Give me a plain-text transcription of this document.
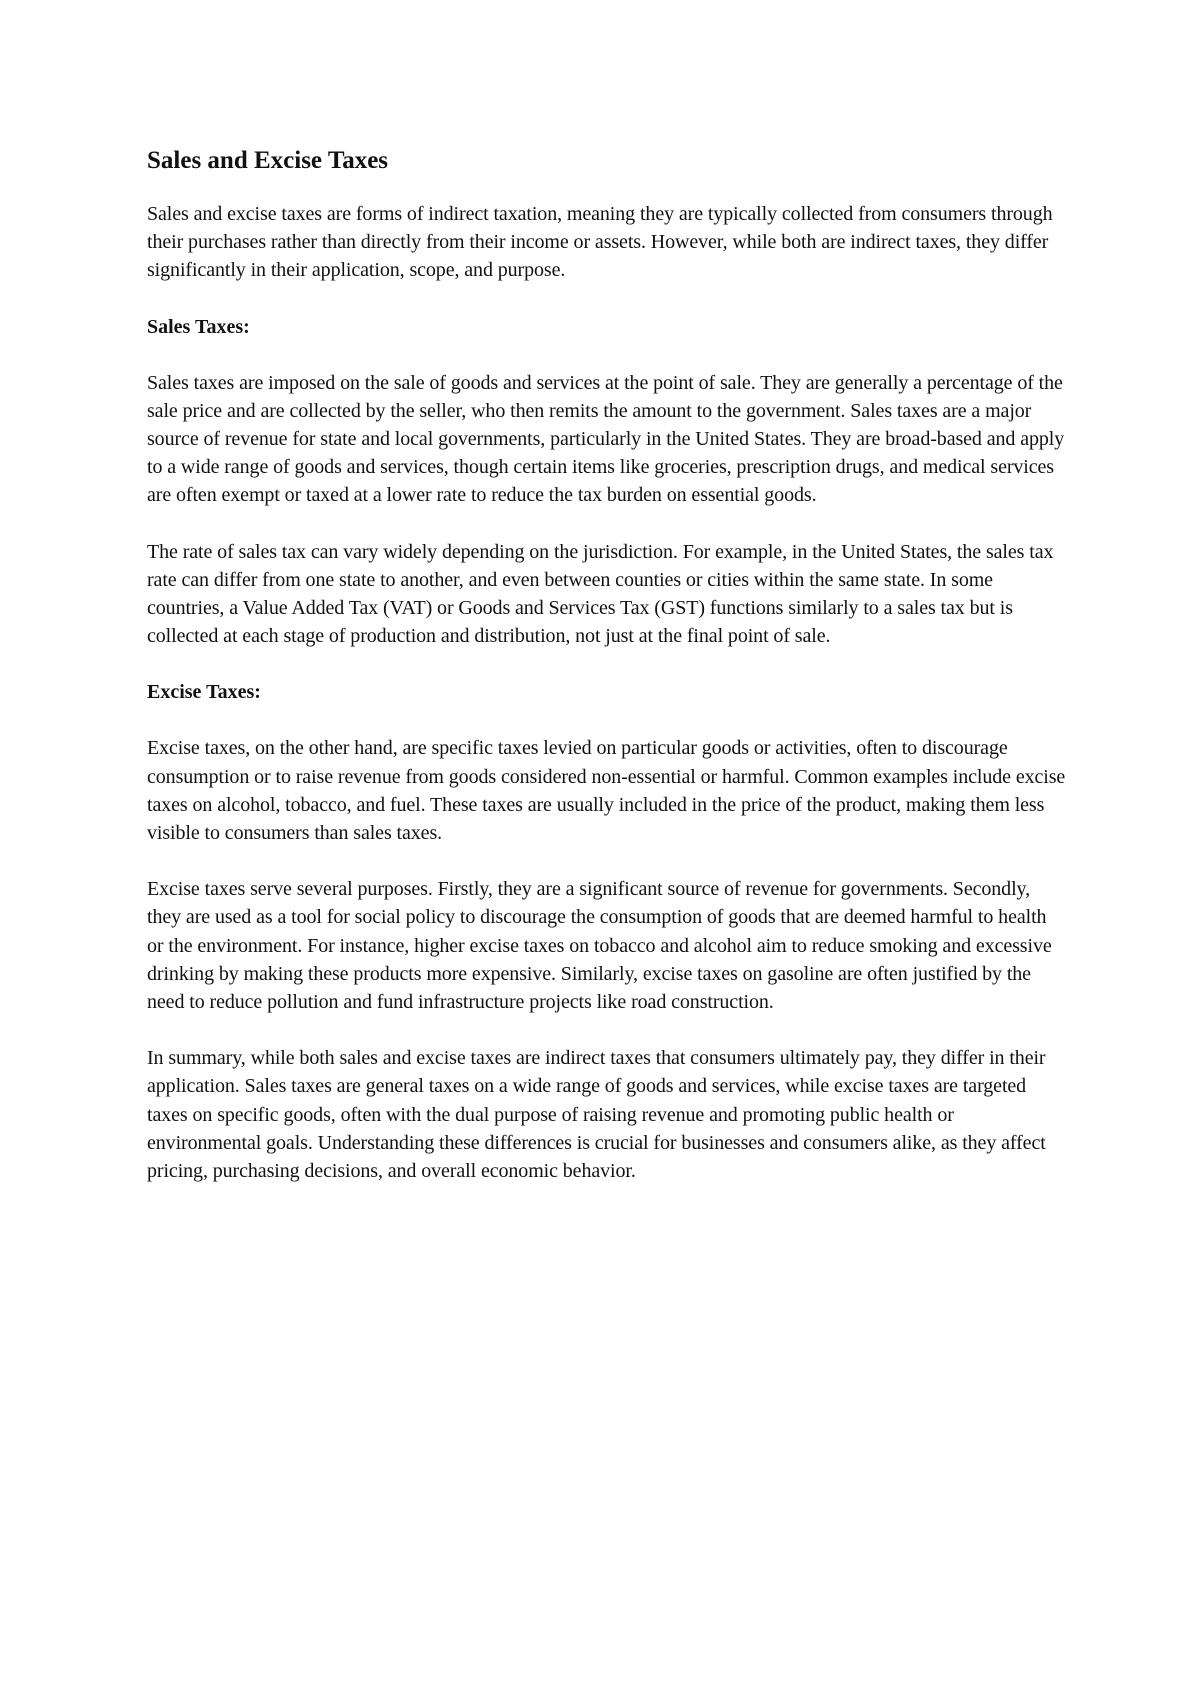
Sales and Excise Taxes

Sales and excise taxes are forms of indirect taxation, meaning they are typically collected from consumers through their purchases rather than directly from their income or assets. However, while both are indirect taxes, they differ significantly in their application, scope, and purpose.

Sales Taxes:

Sales taxes are imposed on the sale of goods and services at the point of sale. They are generally a percentage of the sale price and are collected by the seller, who then remits the amount to the government. Sales taxes are a major source of revenue for state and local governments, particularly in the United States. They are broad-based and apply to a wide range of goods and services, though certain items like groceries, prescription drugs, and medical services are often exempt or taxed at a lower rate to reduce the tax burden on essential goods.

The rate of sales tax can vary widely depending on the jurisdiction. For example, in the United States, the sales tax rate can differ from one state to another, and even between counties or cities within the same state. In some countries, a Value Added Tax (VAT) or Goods and Services Tax (GST) functions similarly to a sales tax but is collected at each stage of production and distribution, not just at the final point of sale.

Excise Taxes:

Excise taxes, on the other hand, are specific taxes levied on particular goods or activities, often to discourage consumption or to raise revenue from goods considered non-essential or harmful. Common examples include excise taxes on alcohol, tobacco, and fuel. These taxes are usually included in the price of the product, making them less visible to consumers than sales taxes.

Excise taxes serve several purposes. Firstly, they are a significant source of revenue for governments. Secondly, they are used as a tool for social policy to discourage the consumption of goods that are deemed harmful to health or the environment. For instance, higher excise taxes on tobacco and alcohol aim to reduce smoking and excessive drinking by making these products more expensive. Similarly, excise taxes on gasoline are often justified by the need to reduce pollution and fund infrastructure projects like road construction.

In summary, while both sales and excise taxes are indirect taxes that consumers ultimately pay, they differ in their application. Sales taxes are general taxes on a wide range of goods and services, while excise taxes are targeted taxes on specific goods, often with the dual purpose of raising revenue and promoting public health or environmental goals. Understanding these differences is crucial for businesses and consumers alike, as they affect pricing, purchasing decisions, and overall economic behavior.
